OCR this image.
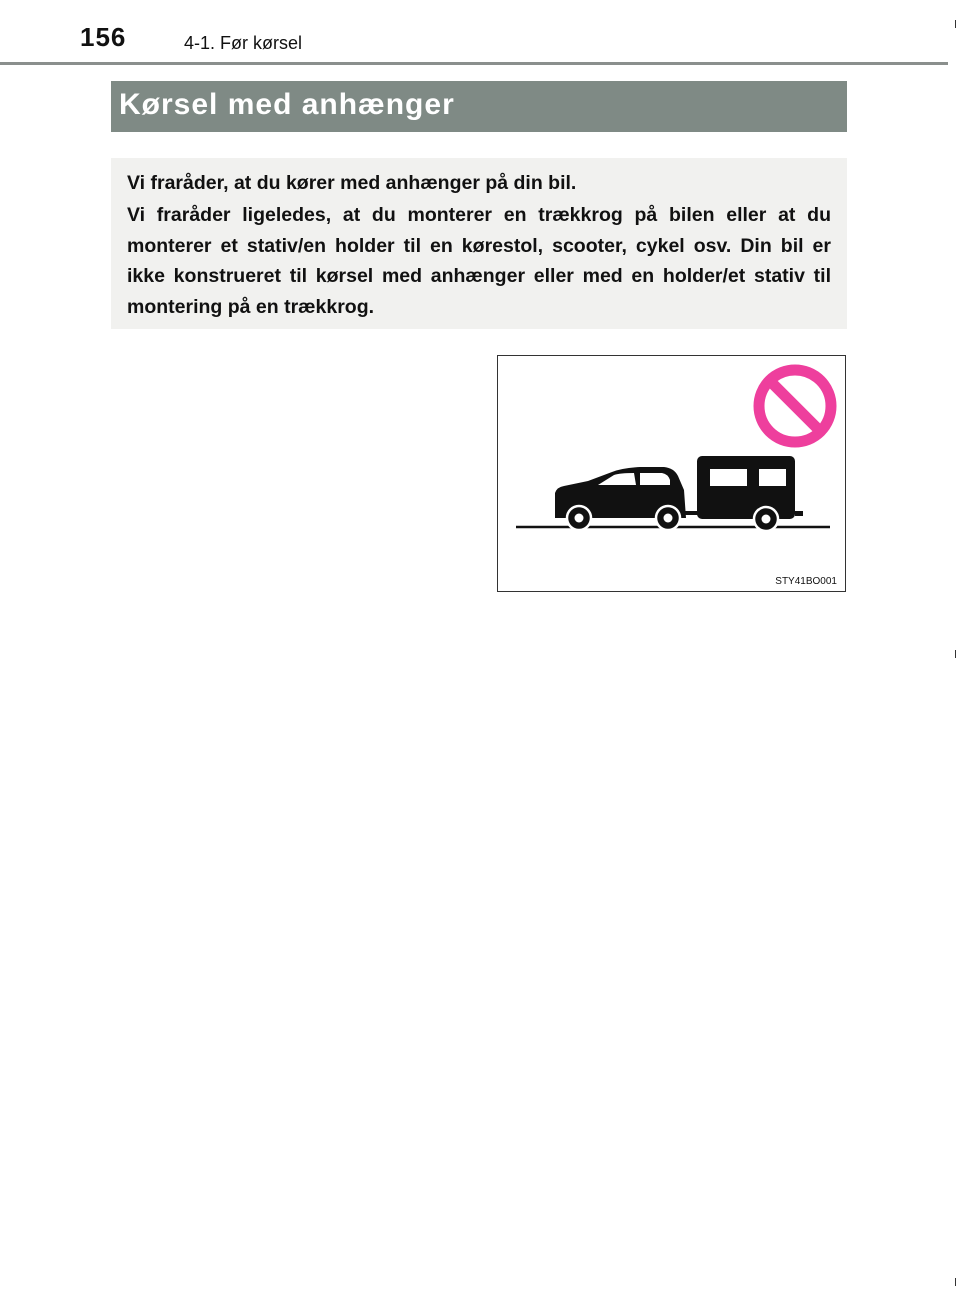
156	4-1. Før kørsel
Kørsel med anhænger
Vi fraråder, at du kører med anhænger på din bil.
Vi fraråder ligeledes, at du monterer en trækkrog på bilen eller at du monterer et stativ/en holder til en kørestol, scooter, cykel osv. Din bil er ikke konstrueret til kørsel med anhænger eller med en holder/et stativ til montering på en trækkrog.
STY41BO001
